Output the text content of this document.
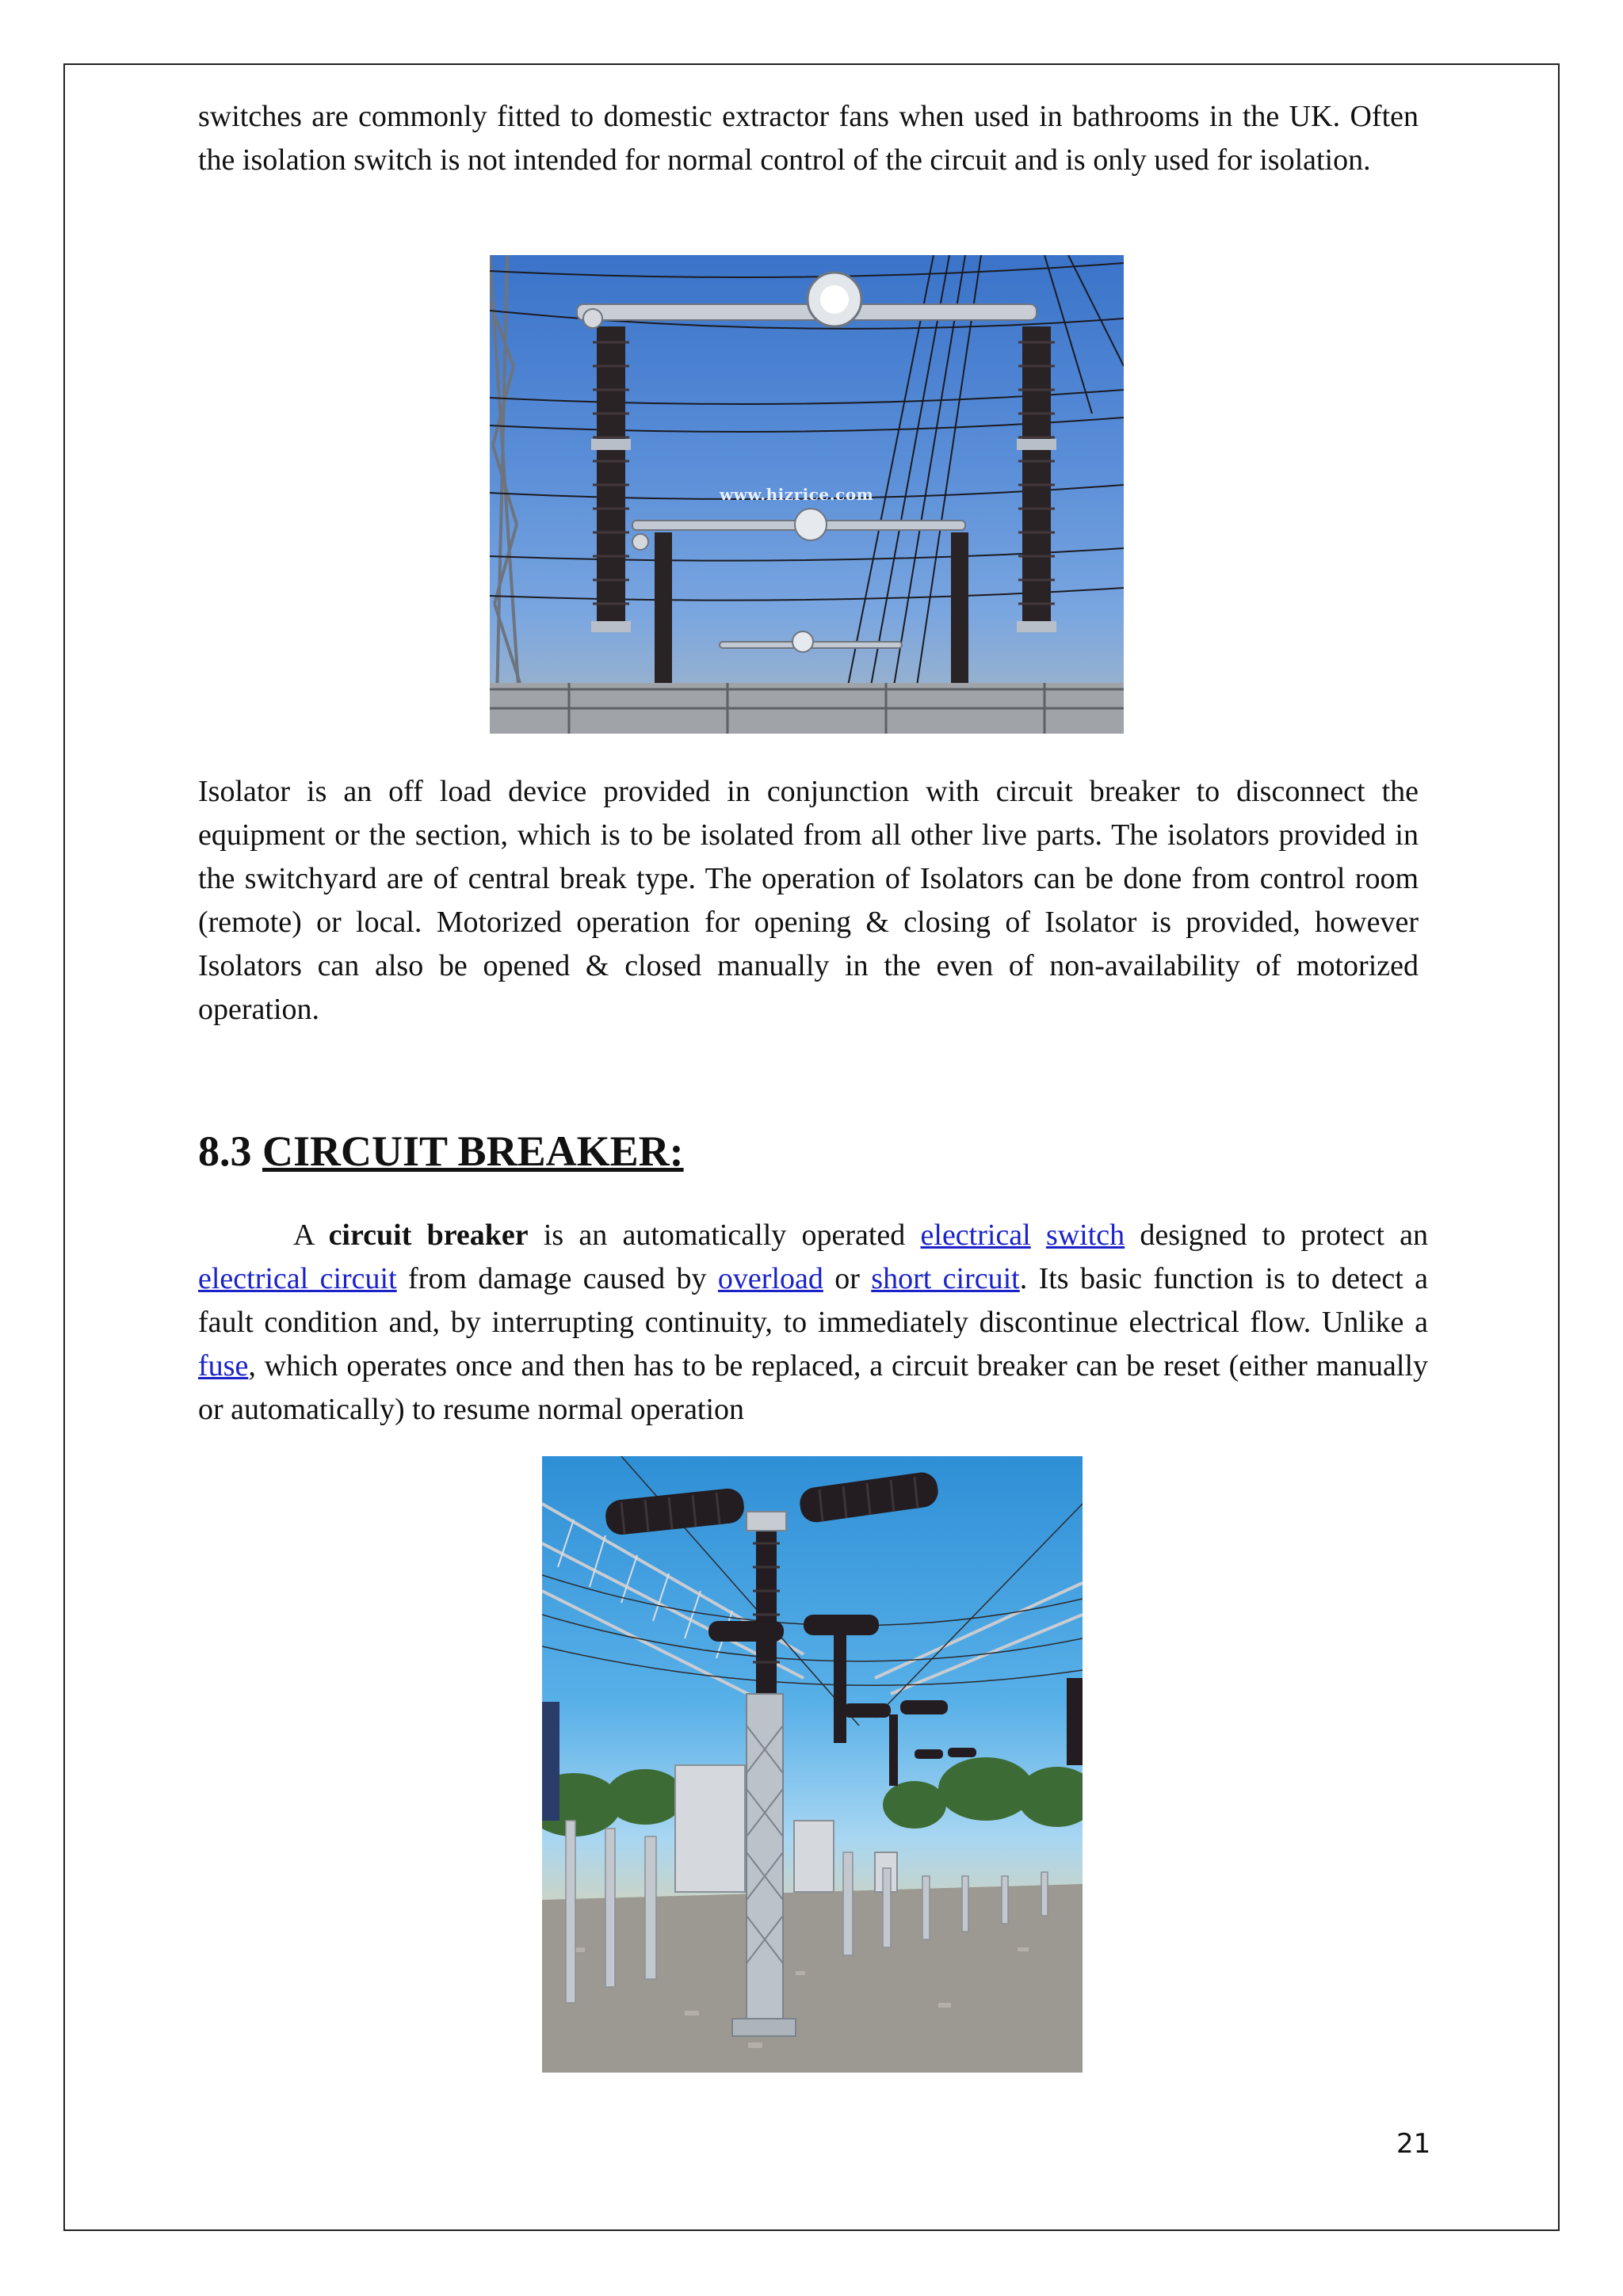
switches are commonly fitted to domestic extractor fans when used in bathrooms in the UK. Often the isolation switch is not intended for normal control of the circuit and is only used for isolation.

www.hizrice.com

Isolator is an off load device provided in conjunction with circuit breaker to disconnect the equipment or the section, which is to be isolated from all other live parts. The isolators provided in the switchyard are of central break type. The operation of Isolators can be done from control room (remote) or local. Motorized operation for opening & closing of Isolator is provided, however Isolators can also be opened & closed manually in the even of non-availability of motorized operation.

8.3 CIRCUIT BREAKER:

A circuit breaker is an automatically operated electrical switch designed to protect an electrical circuit from damage caused by overload or short circuit. Its basic function is to detect a fault condition and, by interrupting continuity, to immediately discontinue electrical flow. Unlike a fuse, which operates once and then has to be replaced, a circuit breaker can be reset (either manually or automatically) to resume normal operation

21
